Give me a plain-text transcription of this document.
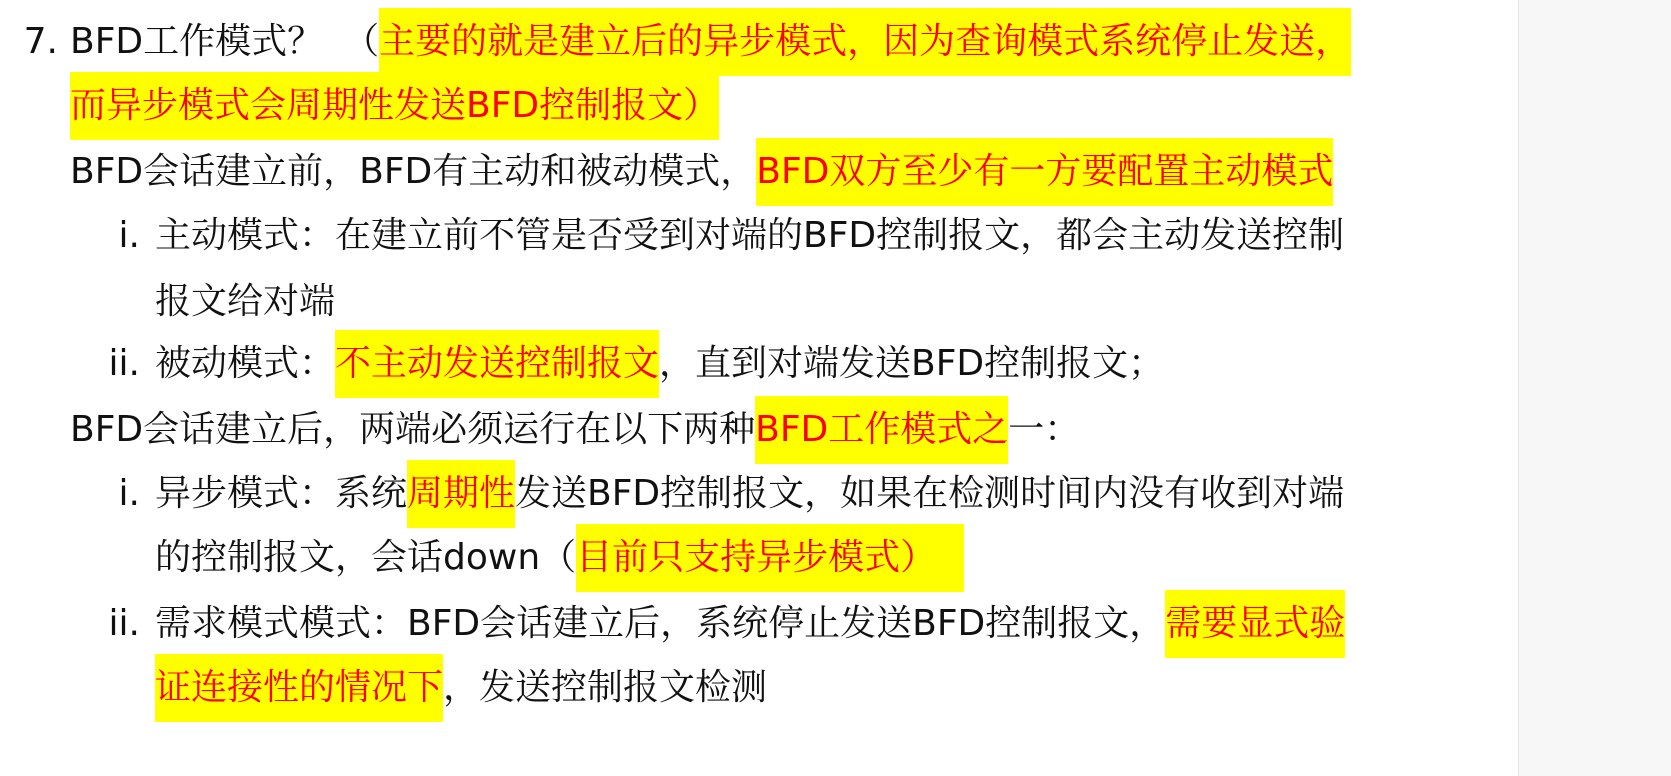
7. BFD工作模式？ （主要的就是建立后的异步模式，因为查询模式系统停止发送，
而异步模式会周期性发送BFD控制报文）
BFD会话建立前，BFD有主动和被动模式，BFD双方至少有一方要配置主动模式
i. 主动模式：在建立前不管是否受到对端的BFD控制报文，都会主动发送控制
报文给对端
ii. 被动模式：不主动发送控制报文，直到对端发送BFD控制报文；
BFD会话建立后，两端必须运行在以下两种BFD工作模式之一：
i. 异步模式：系统周期性发送BFD控制报文，如果在检测时间内没有收到对端
的控制报文，会话down（目前只支持异步模式）
ii. 需求模式模式：BFD会话建立后，系统停止发送BFD控制报文，需要显式验
证连接性的情况下，发送控制报文检测
